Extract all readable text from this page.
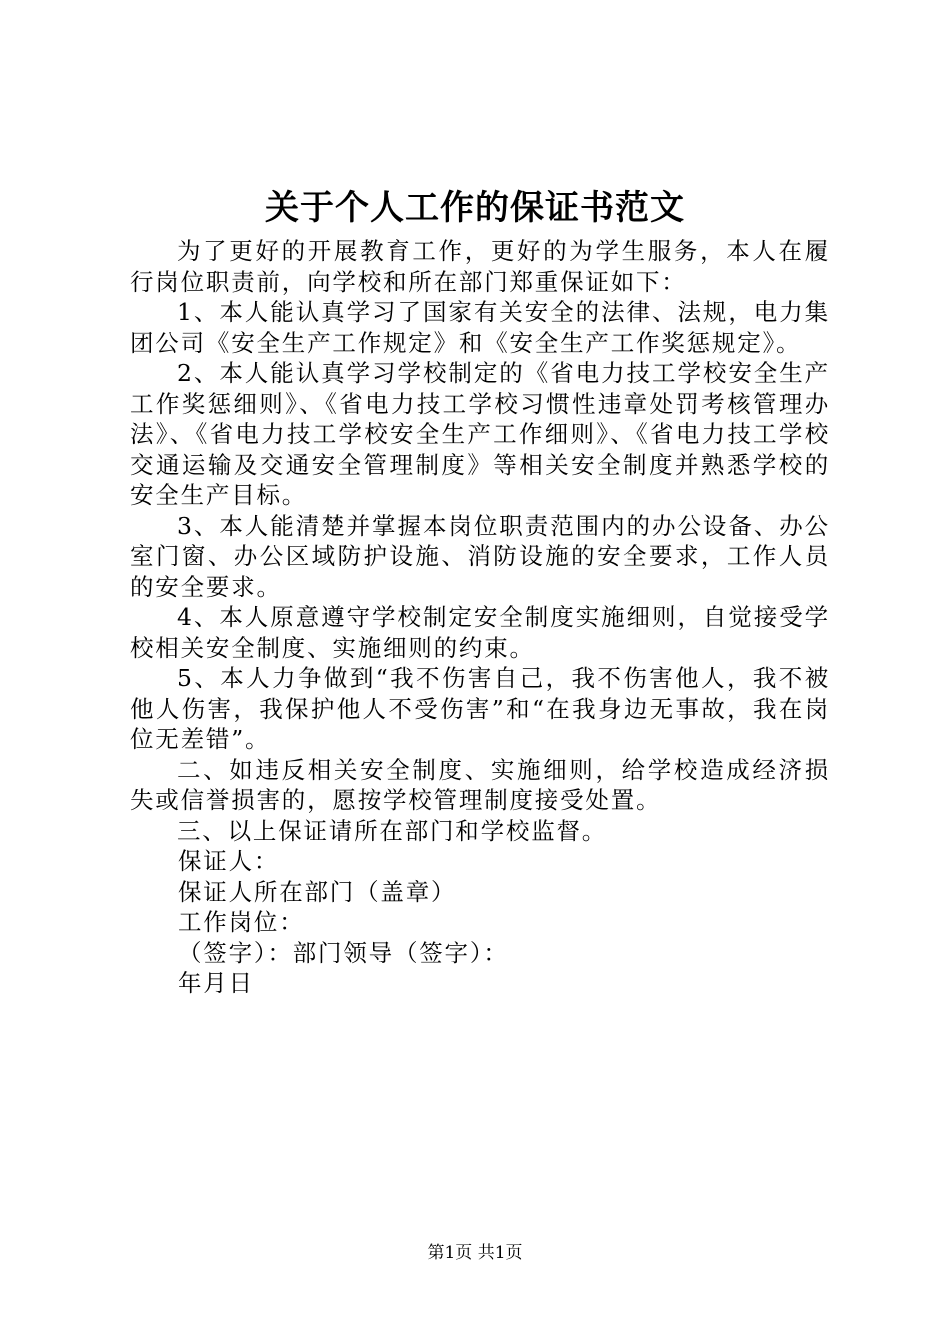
关于个人工作的保证书范文

为了更好的开展教育工作，更好的为学生服务，本人在履行岗位职责前，向学校和所在部门郑重保证如下：

1、本人能认真学习了国家有关安全的法律、法规，电力集团公司《安全生产工作规定》和《安全生产工作奖惩规定》。

2、本人能认真学习学校制定的《省电力技工学校安全生产工作奖惩细则》、《省电力技工学校习惯性违章处罚考核管理办法》、《省电力技工学校安全生产工作细则》、《省电力技工学校交通运输及交通安全管理制度》等相关安全制度并熟悉学校的安全生产目标。

3、本人能清楚并掌握本岗位职责范围内的办公设备、办公室门窗、办公区域防护设施、消防设施的安全要求，工作人员的安全要求。

4、本人原意遵守学校制定安全制度实施细则，自觉接受学校相关安全制度、实施细则的约束。

5、本人力争做到“我不伤害自己，我不伤害他人，我不被他人伤害，我保护他人不受伤害”和“在我身边无事故，我在岗位无差错”。

二、如违反相关安全制度、实施细则，给学校造成经济损失或信誉损害的，愿按学校管理制度接受处置。

三、以上保证请所在部门和学校监督。

保证人：

保证人所在部门（盖章）

工作岗位：

（签字）：部门领导（签字）：

年月日

第1页 共1页
